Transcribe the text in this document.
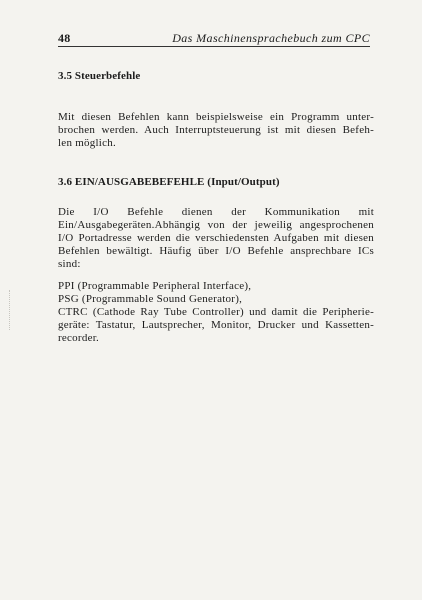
48	Das Maschinensprachebuch zum CPC
3.5 Steuerbefehle
Mit diesen Befehlen kann beispielsweise ein Programm unter-
brochen werden. Auch Interruptsteuerung ist mit diesen Befeh-
len möglich.
3.6 EIN/AUSGABEBEFEHLE (Input/Output)
Die I/O Befehle dienen der Kommunikation mit
Ein/Ausgabegeräten.Abhängig von der jeweilig angesprochenen
I/O Portadresse werden die verschiedensten Aufgaben mit diesen
Befehlen bewältigt. Häufig über I/O Befehle ansprechbare ICs
sind:
PPI (Programmable Peripheral Interface),
PSG (Programmable Sound Generator),
CTRC (Cathode Ray Tube Controller) und damit die Peripherie-
geräte: Tastatur, Lautsprecher, Monitor, Drucker und Kassetten-
recorder.
